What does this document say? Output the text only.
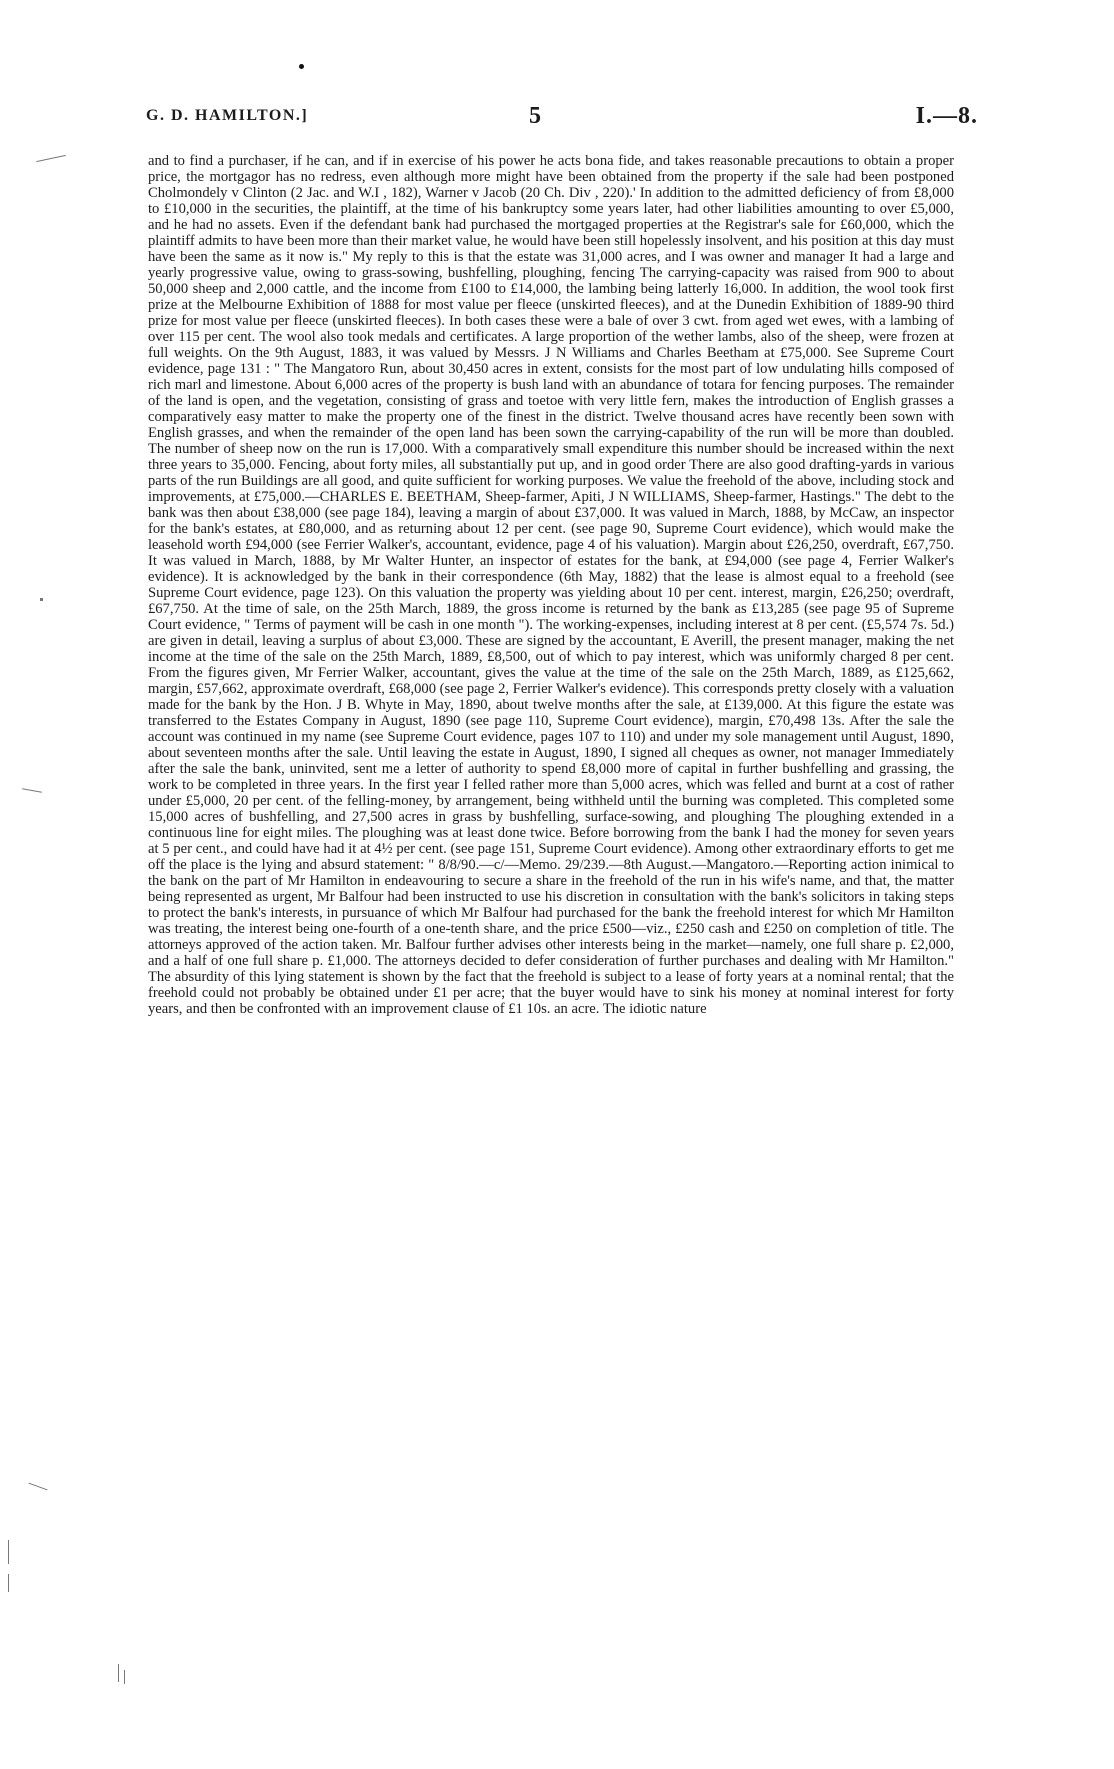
G. D. HAMILTON.]	5	I.—8.

and to find a purchaser, if he can, and if in exercise of his power he acts bona fide, and takes reasonable precautions to obtain a proper price, the mortgagor has no redress, even although more might have been obtained from the property if the sale had been postponed Cholmondely v Clinton (2 Jac. and W.I , 182), Warner v Jacob (20 Ch. Div , 220).' In addition to the admitted deficiency of from £8,000 to £10,000 in the securities, the plaintiff, at the time of his bankruptcy some years later, had other liabilities amounting to over £5,000, and he had no assets. Even if the defendant bank had purchased the mortgaged properties at the Registrar's sale for £60,000, which the plaintiff admits to have been more than their market value, he would have been still hopelessly insolvent, and his position at this day must have been the same as it now is." My reply to this is that the estate was 31,000 acres, and I was owner and manager It had a large and yearly progressive value, owing to grass-sowing, bushfelling, ploughing, fencing The carrying-capacity was raised from 900 to about 50,000 sheep and 2,000 cattle, and the income from £100 to £14,000, the lambing being latterly 16,000. In addition, the wool took first prize at the Melbourne Exhibition of 1888 for most value per fleece (unskirted fleeces), and at the Dunedin Exhibition of 1889-90 third prize for most value per fleece (unskirted fleeces). In both cases these were a bale of over 3 cwt. from aged wet ewes, with a lambing of over 115 per cent. The wool also took medals and certificates. A large proportion of the wether lambs, also of the sheep, were frozen at full weights. On the 9th August, 1883, it was valued by Messrs. J N Williams and Charles Beetham at £75,000. See Supreme Court evidence, page 131 : " The Mangatoro Run, about 30,450 acres in extent, consists for the most part of low undulating hills composed of rich marl and limestone. About 6,000 acres of the property is bush land with an abundance of totara for fencing purposes. The remainder of the land is open, and the vegetation, consisting of grass and toetoe with very little fern, makes the introduction of English grasses a comparatively easy matter to make the property one of the finest in the district. Twelve thousand acres have recently been sown with English grasses, and when the remainder of the open land has been sown the carrying-capability of the run will be more than doubled. The number of sheep now on the run is 17,000. With a comparatively small expenditure this number should be increased within the next three years to 35,000. Fencing, about forty miles, all substantially put up, and in good order There are also good drafting-yards in various parts of the run Buildings are all good, and quite sufficient for working purposes. We value the freehold of the above, including stock and improvements, at £75,000.—CHARLES E. BEETHAM, Sheep-farmer, Apiti, J N WILLIAMS, Sheep-farmer, Hastings." The debt to the bank was then about £38,000 (see page 184), leaving a margin of about £37,000. It was valued in March, 1888, by McCaw, an inspector for the bank's estates, at £80,000, and as returning about 12 per cent. (see page 90, Supreme Court evidence), which would make the leasehold worth £94,000 (see Ferrier Walker's, accountant, evidence, page 4 of his valuation). Margin about £26,250, overdraft, £67,750. It was valued in March, 1888, by Mr Walter Hunter, an inspector of estates for the bank, at £94,000 (see page 4, Ferrier Walker's evidence). It is acknowledged by the bank in their correspondence (6th May, 1882) that the lease is almost equal to a freehold (see Supreme Court evidence, page 123). On this valuation the property was yielding about 10 per cent. interest, margin, £26,250; overdraft, £67,750. At the time of sale, on the 25th March, 1889, the gross income is returned by the bank as £13,285 (see page 95 of Supreme Court evidence, " Terms of payment will be cash in one month "). The working-expenses, including interest at 8 per cent. (£5,574 7s. 5d.) are given in detail, leaving a surplus of about £3,000. These are signed by the accountant, E Averill, the present manager, making the net income at the time of the sale on the 25th March, 1889, £8,500, out of which to pay interest, which was uniformly charged 8 per cent. From the figures given, Mr Ferrier Walker, accountant, gives the value at the time of the sale on the 25th March, 1889, as £125,662, margin, £57,662, approximate overdraft, £68,000 (see page 2, Ferrier Walker's evidence). This corresponds pretty closely with a valuation made for the bank by the Hon. J B. Whyte in May, 1890, about twelve months after the sale, at £139,000. At this figure the estate was transferred to the Estates Company in August, 1890 (see page 110, Supreme Court evidence), margin, £70,498 13s. After the sale the account was continued in my name (see Supreme Court evidence, pages 107 to 110) and under my sole management until August, 1890, about seventeen months after the sale. Until leaving the estate in August, 1890, I signed all cheques as owner, not manager Immediately after the sale the bank, uninvited, sent me a letter of authority to spend £8,000 more of capital in further bushfelling and grassing, the work to be completed in three years. In the first year I felled rather more than 5,000 acres, which was felled and burnt at a cost of rather under £5,000, 20 per cent. of the felling-money, by arrangement, being withheld until the burning was completed. This completed some 15,000 acres of bushfelling, and 27,500 acres in grass by bushfelling, surface-sowing, and ploughing The ploughing extended in a continuous line for eight miles. The ploughing was at least done twice. Before borrowing from the bank I had the money for seven years at 5 per cent., and could have had it at 4½ per cent. (see page 151, Supreme Court evidence). Among other extraordinary efforts to get me off the place is the lying and absurd statement: " 8/8/90.—c/—Memo. 29/239.—8th August.—Mangatoro.—Reporting action inimical to the bank on the part of Mr Hamilton in endeavouring to secure a share in the freehold of the run in his wife's name, and that, the matter being represented as urgent, Mr Balfour had been instructed to use his discretion in consultation with the bank's solicitors in taking steps to protect the bank's interests, in pursuance of which Mr Balfour had purchased for the bank the freehold interest for which Mr Hamilton was treating, the interest being one-fourth of a one-tenth share, and the price £500—viz., £250 cash and £250 on completion of title. The attorneys approved of the action taken. Mr. Balfour further advises other interests being in the market—namely, one full share p. £2,000, and a half of one full share p. £1,000. The attorneys decided to defer consideration of further purchases and dealing with Mr Hamilton." The absurdity of this lying statement is shown by the fact that the freehold is subject to a lease of forty years at a nominal rental; that the freehold could not probably be obtained under £1 per acre; that the buyer would have to sink his money at nominal interest for forty years, and then be confronted with an improvement clause of £1 10s. an acre. The idiotic nature
